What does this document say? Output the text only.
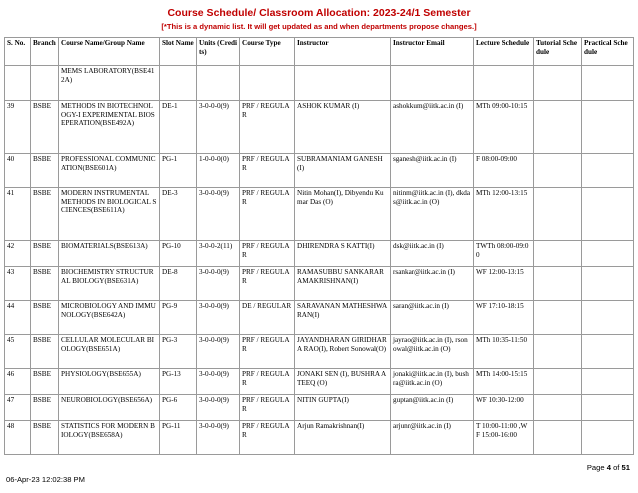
Course Schedule/ Classroom Allocation: 2023-24/1 Semester
[*This is a dynamic list. It will get updated as and when departments propose changes.]
S. No.	Branch	Course Name/Group Name	Slot Name	Units (Credits)	Course Type	Instructor	Instructor Email	Lecture Schedule	Tutorial Schedule	Practical Schedule
		MEMS LABORATORY(BSE412A)								
39	BSBE	METHODS IN BIOTECHNOLOGY-I EXPERIMENTAL BIOSEPERATION(BSE492A)	DE-1	3-0-0-0(9)	PRF / REGULAR	ASHOK KUMAR (I)	ashokkum@iitk.ac.in (I)	MTh 09:00-10:15		
40	BSBE	PROFESSIONAL COMMUNICATION(BSE601A)	PG-1	1-0-0-0(0)	PRF / REGULAR	SUBRAMANIAM GANESH (I)	sganesh@iitk.ac.in (I)	F 08:00-09:00		
41	BSBE	MODERN INSTRUMENTAL METHODS IN BIOLOGICAL SCIENCES(BSE611A)	DE-3	3-0-0-0(9)	PRF / REGULAR	Nitin Mohan(I), Dibyendu Kumar Das (O)	nitinm@iitk.ac.in (I), dkdas@iitk.ac.in (O)	MTh 12:00-13:15		
42	BSBE	BIOMATERIALS(BSE613A)	PG-10	3-0-0-2(11)	PRF / REGULAR	DHIRENDRA S KATTI(I)	dsk@iitk.ac.in (I)	TWTh 08:00-09:00		
43	BSBE	BIOCHEMISTRY STRUCTURAL BIOLOGY(BSE631A)	DE-8	3-0-0-0(9)	PRF / REGULAR	RAMASUBBU SANKARARAMAKRISHNAN(I)	rsankar@iitk.ac.in (I)	WF 12:00-13:15		
44	BSBE	MICROBIOLOGY AND IMMUNOLOGY(BSE642A)	PG-9	3-0-0-0(9)	DE / REGULAR	SARAVANAN MATHESHWARAN(I)	saran@iitk.ac.in (I)	WF 17:10-18:15		
45	BSBE	CELLULAR MOLECULAR BIOLOGY(BSE651A)	PG-3	3-0-0-0(9)	PRF / REGULAR	JAYANDHARAN GIRIDHARA RAO(I), Robert Sonowal(O)	jayrao@iitk.ac.in (I), rsonowal@iitk.ac.in (O)	MTh 10:35-11:50		
46	BSBE	PHYSIOLOGY(BSE655A)	PG-13	3-0-0-0(9)	PRF / REGULAR	JONAKI SEN (I), BUSHRA ATEEQ (O)	jonaki@iitk.ac.in (I), bushra@iitk.ac.in (O)	MTh 14:00-15:15		
47	BSBE	NEUROBIOLOGY(BSE656A)	PG-6	3-0-0-0(9)	PRF / REGULAR	NITIN GUPTA(I)	guptan@iitk.ac.in (I)	WF 10:30-12:00		
48	BSBE	STATISTICS FOR MODERN BIOLOGY(BSE658A)	PG-11	3-0-0-0(9)	PRF / REGULAR	Arjun Ramakrishnan(I)	arjunr@iitk.ac.in (I)	T 10:00-11:00 ,WF 15:00-16:00		
Page 4 of 51
06-Apr-23 12:02:38 PM
